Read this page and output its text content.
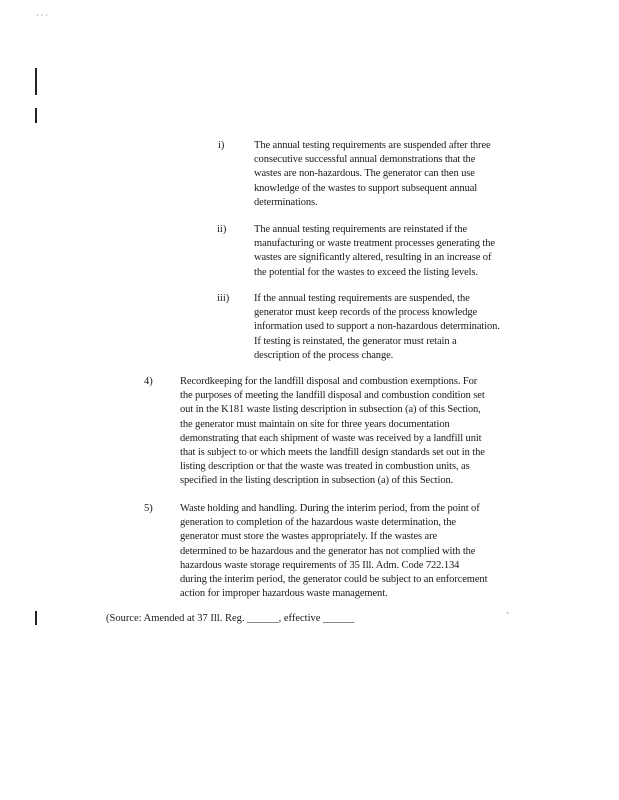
· · ·
i)	The annual testing requirements are suspended after three
consecutive successful annual demonstrations that the
wastes are non-hazardous. The generator can then use
knowledge of the wastes to support subsequent annual
determinations.
ii)	The annual testing requirements are reinstated if the
manufacturing or waste treatment processes generating the
wastes are significantly altered, resulting in an increase of
the potential for the wastes to exceed the listing levels.
iii) If the annual testing requirements are suspended, the
generator must keep records of the process knowledge
information used to support a non-hazardous determination.
If testing is reinstated, the generator must retain a
description of the process change.
4)	Recordkeeping for the landfill disposal and combustion exemptions. For
the purposes of meeting the landfill disposal and combustion condition set
out in the K181 waste listing description in subsection (a) of this Section,
the generator must maintain on site for three years documentation
demonstrating that each shipment of waste was received by a landfill unit
that is subject to or which meets the landfill design standards set out in the
listing description or that the waste was treated in combustion units, as
specified in the listing description in subsection (a) of this Section.
5)	Waste holding and handling. During the interim period, from the point of
generation to completion of the hazardous waste determination, the
generator must store the wastes appropriately. If the wastes are
determined to be hazardous and the generator has not complied with the
hazardous waste storage requirements of 35 Ill. Adm. Code 722.134
during the interim period, the generator could be subject to an enforcement
action for improper hazardous waste management.
(Source: Amended at 37 Ill. Reg. ______, effective ______	`
